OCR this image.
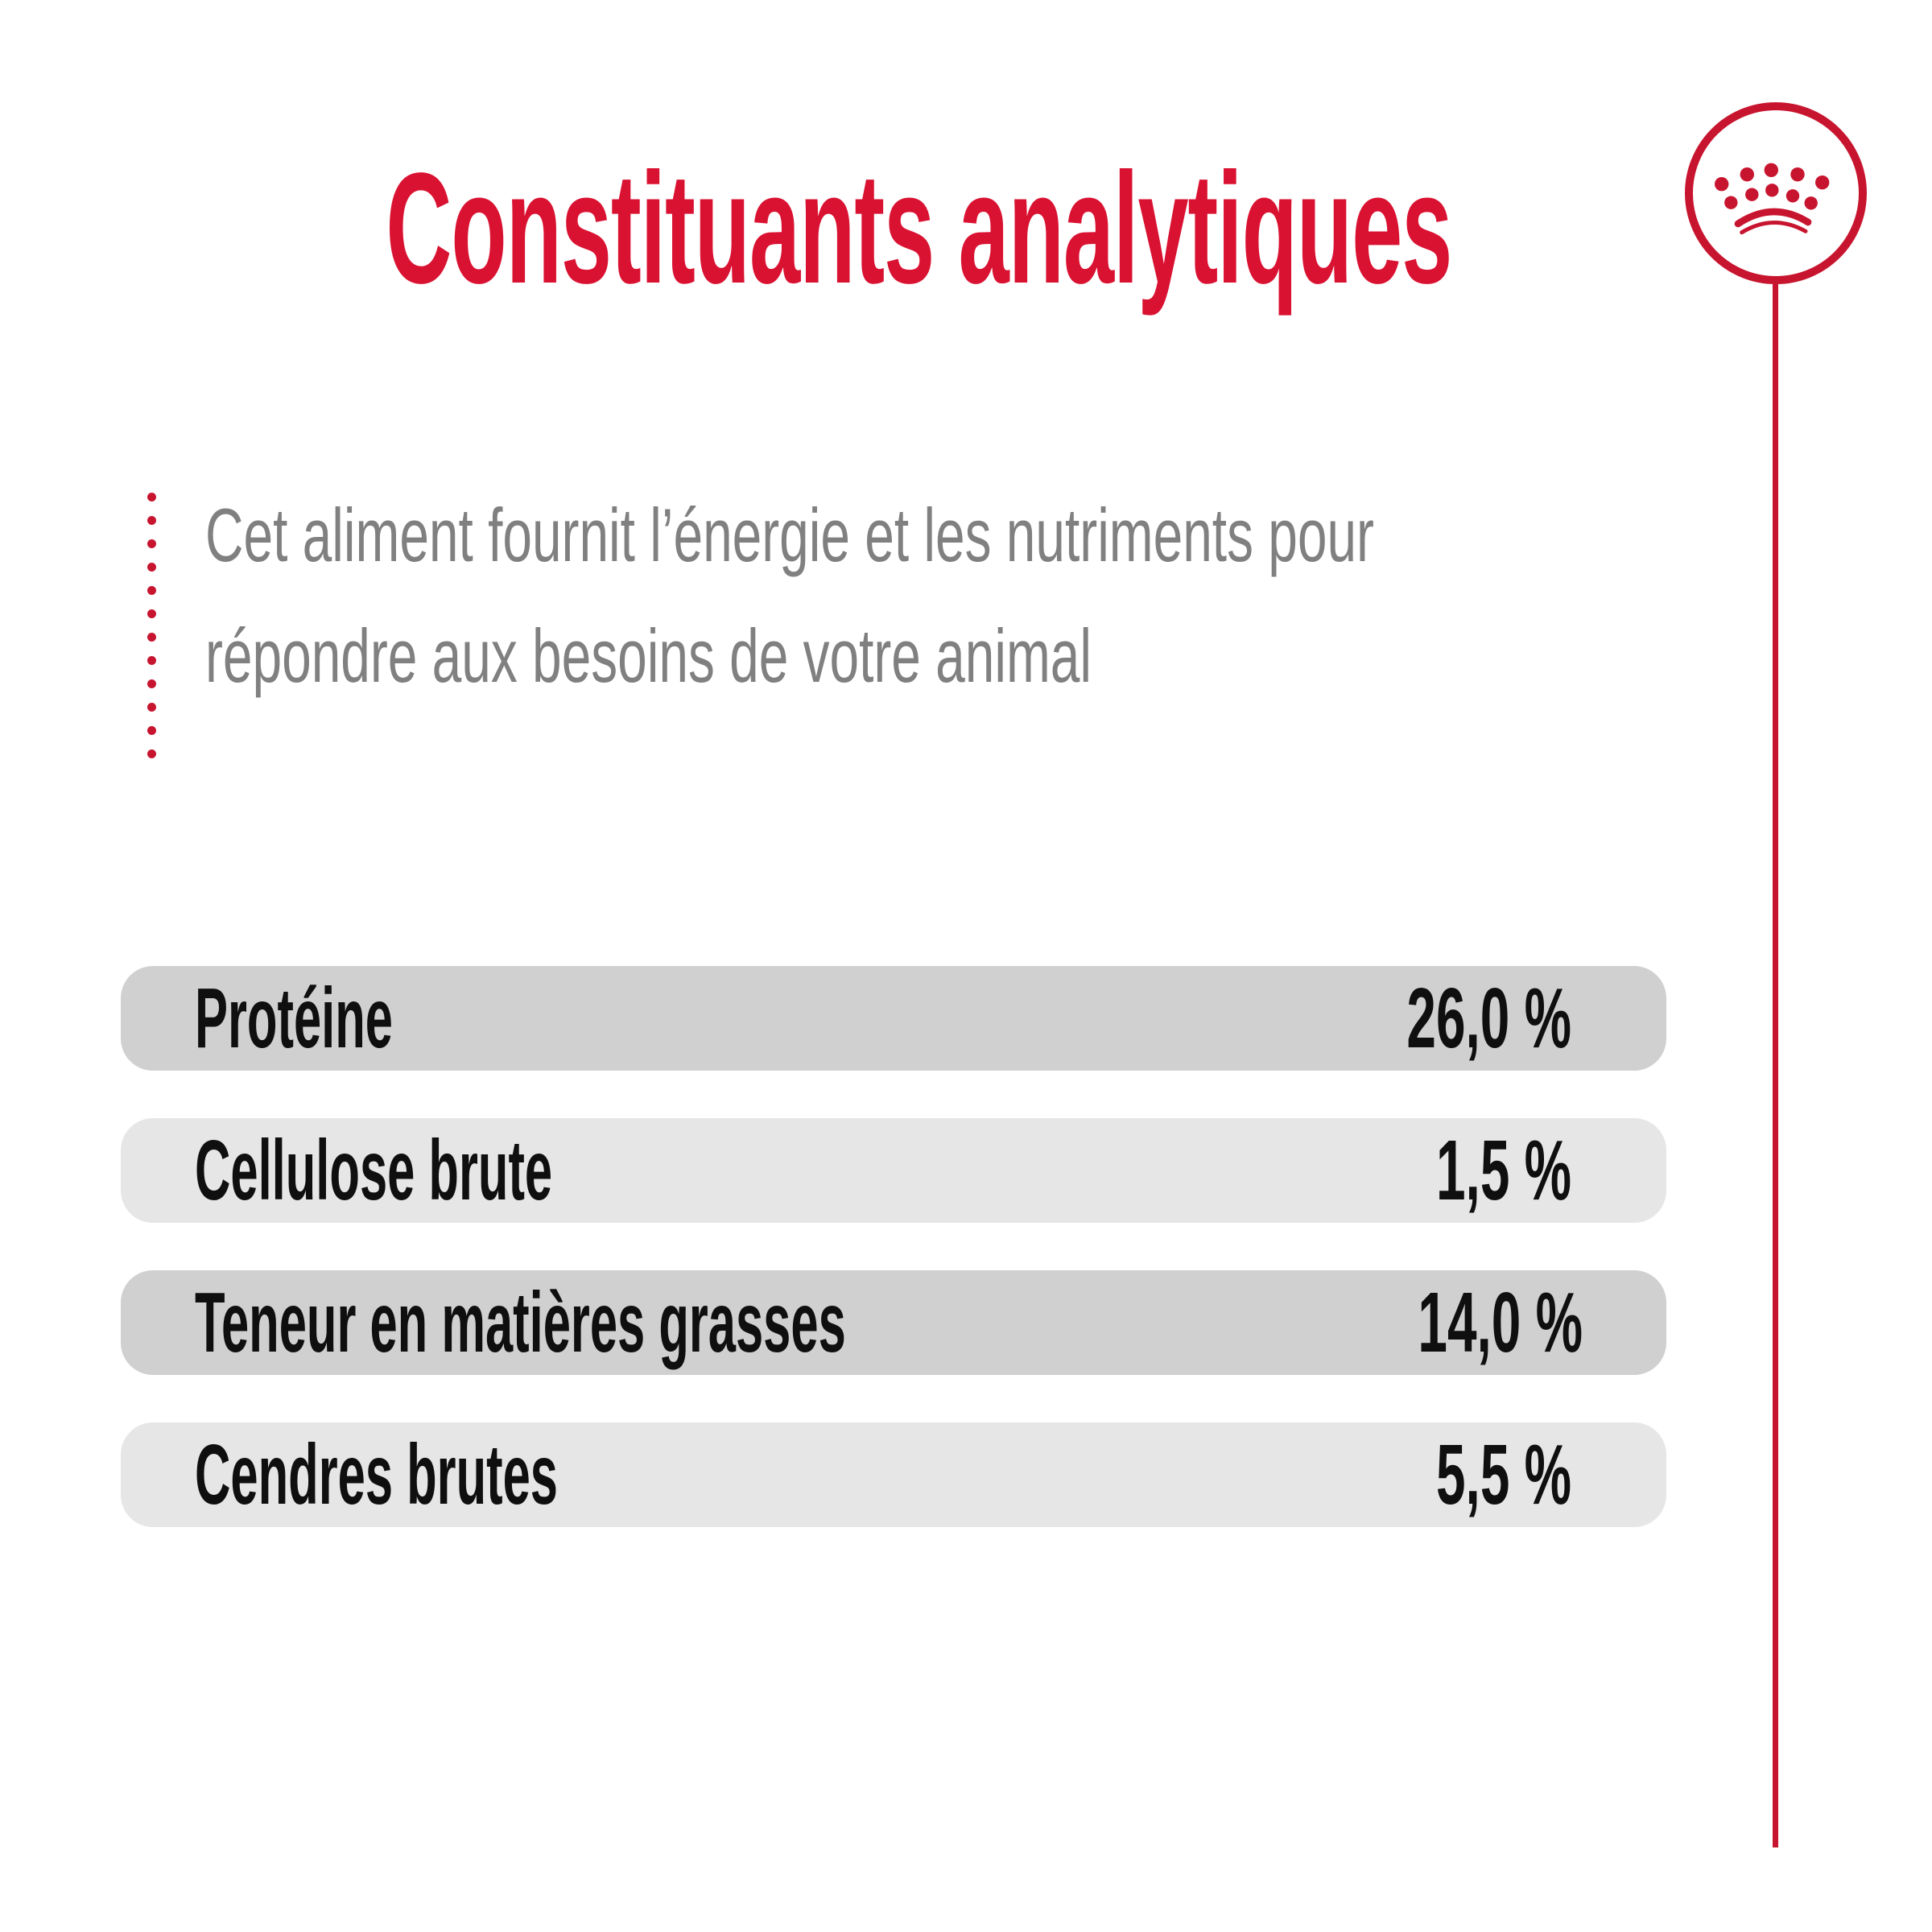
Constituants analytiques
Cet aliment fournit l’énergie et les nutriments pour
répondre aux besoins de votre animal
Protéine	26,0 %
Cellulose brute	1,5 %
Teneur en matières grasses	14,0 %
Cendres brutes	5,5 %
